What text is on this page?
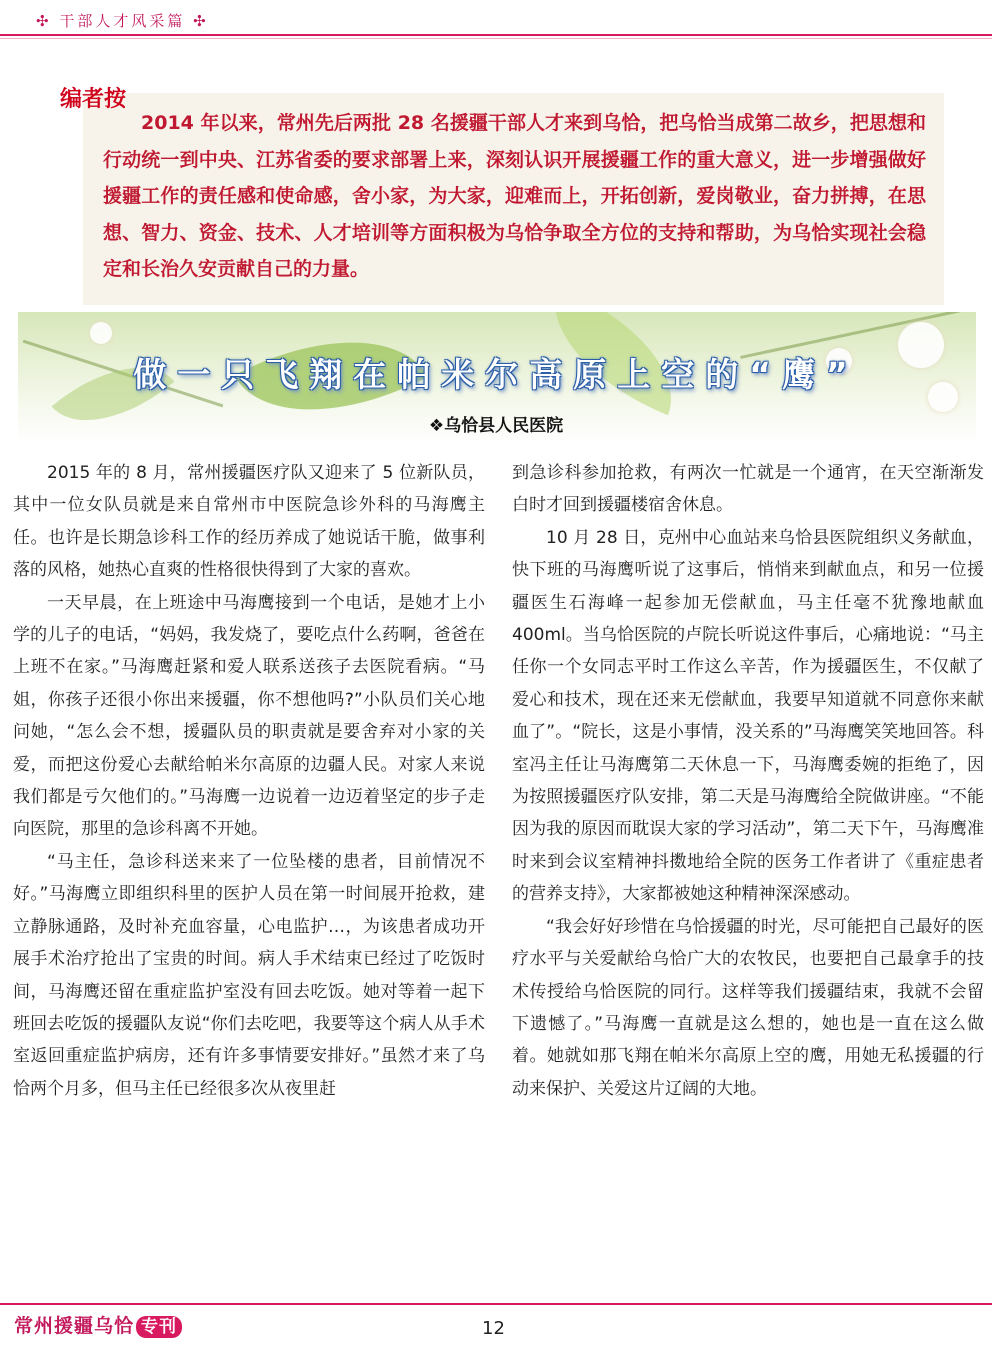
✣ 干部人才风采篇 ✣

2014 年以来，常州先后两批 28 名援疆干部人才来到乌恰，把乌恰当成第二故乡，把思想和行动统一到中央、江苏省委的要求部署上来，深刻认识开展援疆工作的重大意义，进一步增强做好援疆工作的责任感和使命感，舍小家，为大家，迎难而上，开拓创新，爱岗敬业，奋力拼搏，在思想、智力、资金、技术、人才培训等方面积极为乌恰争取全方位的支持和帮助，为乌恰实现社会稳定和长治久安贡献自己的力量。

编者按
做一只飞翔在帕米尔高原上空的“鹰”
❖乌恰县人民医院

2015 年的 8 月，常州援疆医疗队又迎来了 5 位新队员，其中一位女队员就是来自常州市中医院急诊外科的马海鹰主任。也许是长期急诊科工作的经历养成了她说话干脆，做事利落的风格，她热心直爽的性格很快得到了大家的喜欢。

一天早晨，在上班途中马海鹰接到一个电话，是她才上小学的儿子的电话，“妈妈，我发烧了，要吃点什么药啊，爸爸在上班不在家。”马海鹰赶紧和爱人联系送孩子去医院看病。“马姐，你孩子还很小你出来援疆，你不想他吗?”小队员们关心地问她，“怎么会不想，援疆队员的职责就是要舍弃对小家的关爱，而把这份爱心去献给帕米尔高原的边疆人民。对家人来说我们都是亏欠他们的。”马海鹰一边说着一边迈着坚定的步子走向医院，那里的急诊科离不开她。

“马主任，急诊科送来来了一位坠楼的患者，目前情况不好。”马海鹰立即组织科里的医护人员在第一时间展开抢救，建立静脉通路，及时补充血容量，心电监护…，为该患者成功开展手术治疗抢出了宝贵的时间。病人手术结束已经过了吃饭时间，马海鹰还留在重症监护室没有回去吃饭。她对等着一起下班回去吃饭的援疆队友说“你们去吃吧，我要等这个病人从手术室返回重症监护病房，还有许多事情要安排好。”虽然才来了乌恰两个月多，但马主任已经很多次从夜里赶

到急诊科参加抢救，有两次一忙就是一个通宵，在天空渐渐发白时才回到援疆楼宿舍休息。

10 月 28 日，克州中心血站来乌恰县医院组织义务献血，快下班的马海鹰听说了这事后，悄悄来到献血点，和另一位援疆医生石海峰一起参加无偿献血，马主任毫不犹豫地献血 400ml。当乌恰医院的卢院长听说这件事后，心痛地说：“马主任你一个女同志平时工作这么辛苦，作为援疆医生，不仅献了爱心和技术，现在还来无偿献血，我要早知道就不同意你来献血了”。“院长，这是小事情，没关系的”马海鹰笑笑地回答。科室冯主任让马海鹰第二天休息一下，马海鹰委婉的拒绝了，因为按照援疆医疗队安排，第二天是马海鹰给全院做讲座。“不能因为我的原因而耽误大家的学习活动”，第二天下午，马海鹰准时来到会议室精神抖擞地给全院的医务工作者讲了《重症患者的营养支持》，大家都被她这种精神深深感动。

“我会好好珍惜在乌恰援疆的时光，尽可能把自己最好的医疗水平与关爱献给乌恰广大的农牧民，也要把自己最拿手的技术传授给乌恰医院的同行。这样等我们援疆结束，我就不会留下遗憾了。”马海鹰一直就是这么想的，她也是一直在这么做着。她就如那飞翔在帕米尔高原上空的鹰，用她无私援疆的行动来保护、关爱这片辽阔的大地。

常州援疆乌恰 专刊	12
